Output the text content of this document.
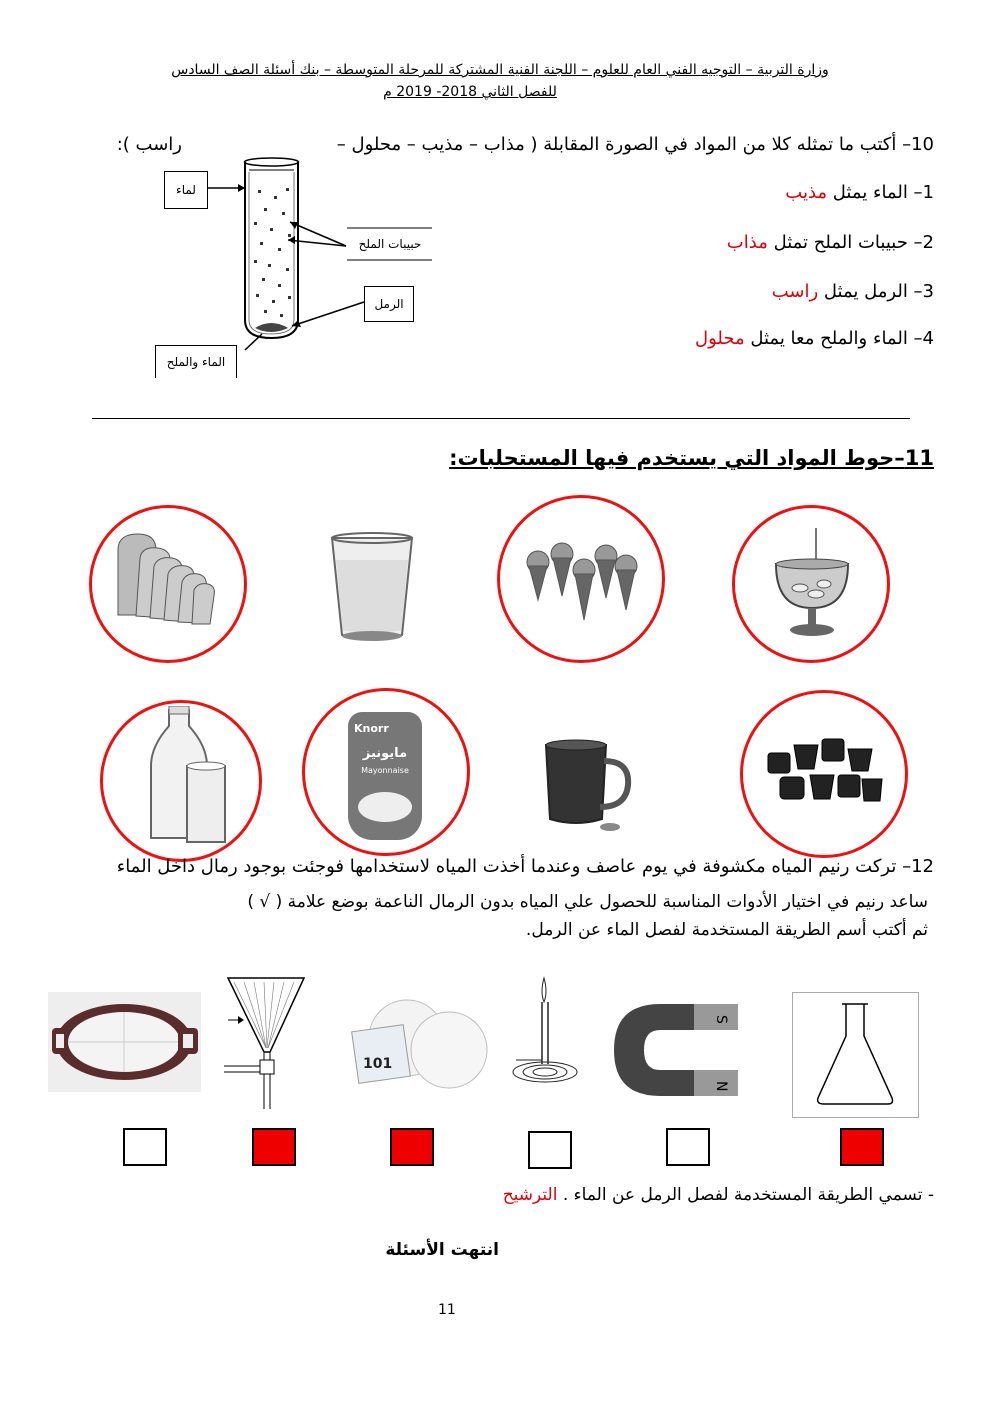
وزارة التربية – التوجيه الفني العام للعلوم – اللجنة الفنية المشتركة للمرحلة المتوسطة – بنك أسئلة الصف السادس
للفصل الثاني 2018- 2019 م
10– أكتب ما تمثله كلا من المواد في الصورة المقابلة ( مذاب – مذيب – محلول –
راسب ):
1– الماء يمثل مذيب
2– حبيبات الملح تمثل مذاب
3– الرمل يمثل راسب
4– الماء والملح معا يمثل محلول
لماء
حبيبات الملح
الرمل
الماء والملح
11–حوط المواد التي يستخدم فيها المستحلبات:
Knorr
مايونيز
Mayonnaise
12– تركت رنيم المياه مكشوفة في يوم عاصف وعندما أخذت المياه لاستخدامها فوجئت بوجود رمال داخل الماء
ساعد رنيم في اختيار الأدوات المناسبة للحصول علي المياه بدون الرمال الناعمة بوضع علامة ( √ )
ثم أكتب أسم الطريقة المستخدمة لفصل الماء عن الرمل.
101
S
N
- تسمي الطريقة المستخدمة لفصل الرمل عن الماء . الترشيح
انتهت الأسئلة
11
